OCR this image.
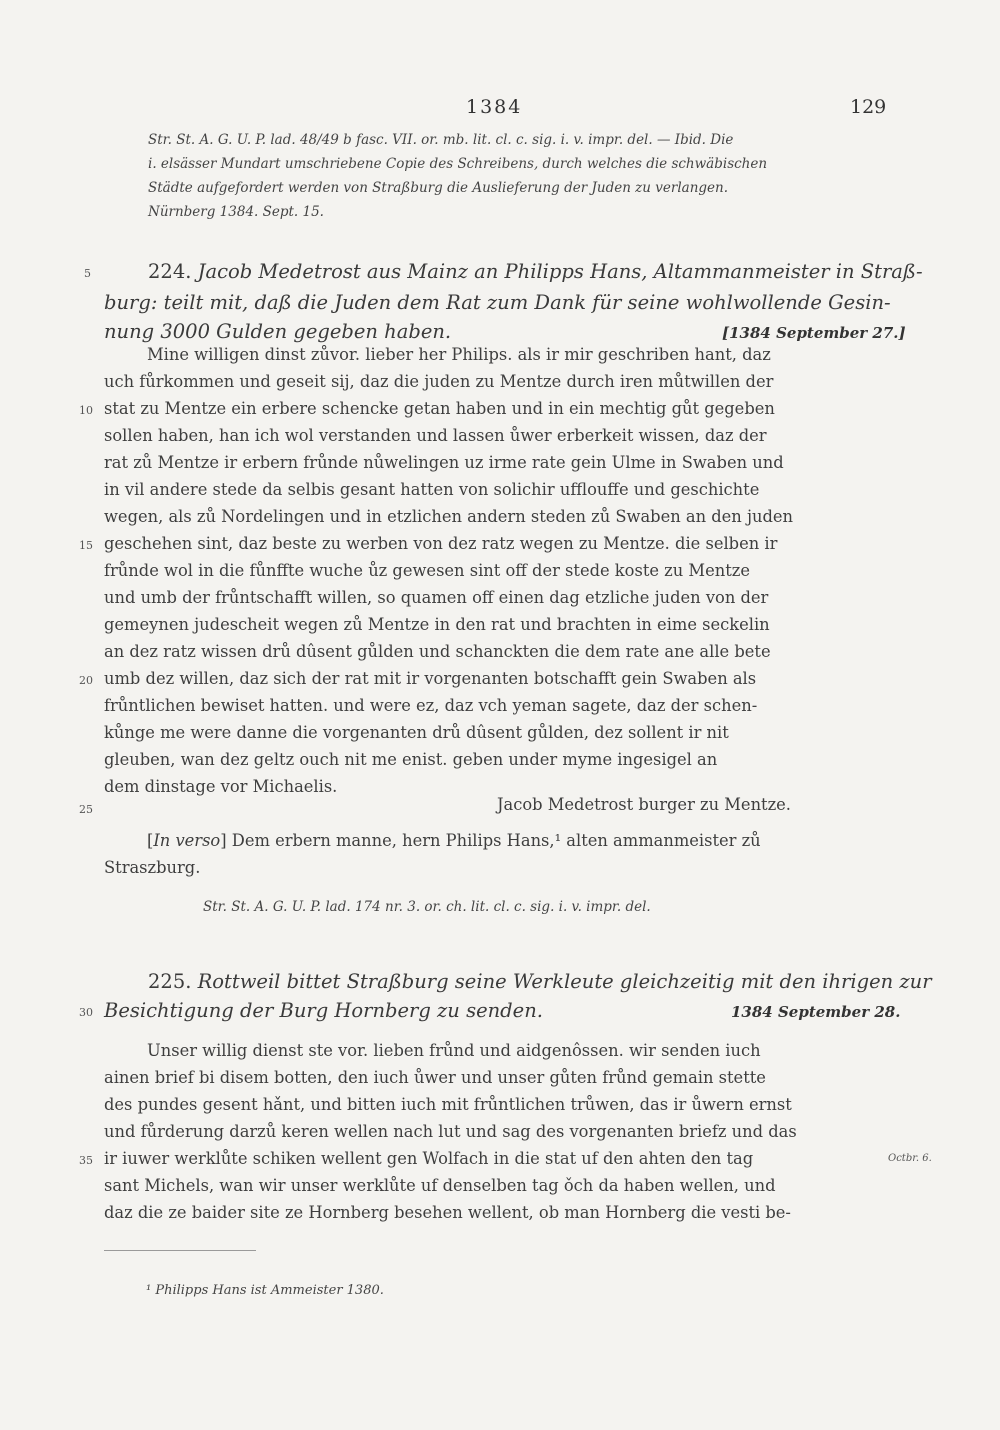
1384	129
Str. St. A. G. U. P. lad. 48/49 b fasc. VII. or. mb. lit. cl. c. sig. i. v. impr. del. — Ibid. Die
i. elsässer Mundart umschriebene Copie des Schreibens, durch welches die schwäbischen
Städte aufgefordert werden von Straßburg die Auslieferung der Juden zu verlangen.
Nürnberg 1384. Sept. 15.
224. Jacob Medetrost aus Mainz an Philipps Hans, Altammanmeister in Straß-
burg: teilt mit, daß die Juden dem Rat zum Dank für seine wohlwollende Gesin-
nung 3000 Gulden gegeben haben.	[1384 September 27.]
Mine willigen dinst zůvor. lieber her Philips. als ir mir geschriben hant, daz
uch fůrkommen und geseit sij, daz die juden zu Mentze durch iren můtwillen der
stat zu Mentze ein erbere schencke getan haben und in ein mechtig gůt gegeben
sollen haben, han ich wol verstanden und lassen ůwer erberkeit wissen, daz der
rat zů Mentze ir erbern frůnde nůwelingen uz irme rate gein Ulme in Swaben und
in vil andere stede da selbis gesant hatten von solichir ufflouffe und geschichte
wegen, als zů Nordelingen und in etzlichen andern steden zů Swaben an den juden
geschehen sint, daz beste zu werben von dez ratz wegen zu Mentze. die selben ir
frůnde wol in die fůnffte wuche ůz gewesen sint off der stede koste zu Mentze
und umb der frůntschafft willen, so quamen off einen dag etzliche juden von der
gemeynen judescheit wegen zů Mentze in den rat und brachten in eime seckelin
an dez ratz wissen drů dûsent gůlden und schanckten die dem rate ane alle bete
umb dez willen, daz sich der rat mit ir vorgenanten botschafft gein Swaben als
frůntlichen bewiset hatten. und were ez, daz vch yeman sagete, daz der schen-
kůnge me were danne die vorgenanten drů dûsent gůlden, dez sollent ir nit
gleuben, wan dez geltz ouch nit me enist. geben under myme ingesigel an
dem dinstage vor Michaelis.
Jacob Medetrost burger zu Mentze.
[In verso] Dem erbern manne, hern Philips Hans,¹ alten ammanmeister zů
Straszburg.
Str. St. A. G. U. P. lad. 174 nr. 3. or. ch. lit. cl. c. sig. i. v. impr. del.
225. Rottweil bittet Straßburg seine Werkleute gleichzeitig mit den ihrigen zur
Besichtigung der Burg Hornberg zu senden.	1384 September 28.
Unser willig dienst ste vor. lieben frůnd und aidgenôssen. wir senden iuch
ainen brief bi disem botten, den iuch ůwer und unser gůten frůnd gemain stette
des pundes gesent hǎnt, und bitten iuch mit frůntlichen trůwen, das ir ůwern ernst
und fůrderung darzů keren wellen nach lut und sag des vorgenanten briefz und das
ir iuwer werklůte schiken wellent gen Wolfach in die stat uf den ahten den tag
sant Michels, wan wir unser werklůte uf denselben tag ǒch da haben wellen, und
daz die ze baider site ze Hornberg besehen wellent, ob man Hornberg die vesti be-
Octbr. 6.
5
10
15
20
25
30
35
¹ Philipps Hans ist Ammeister 1380.
